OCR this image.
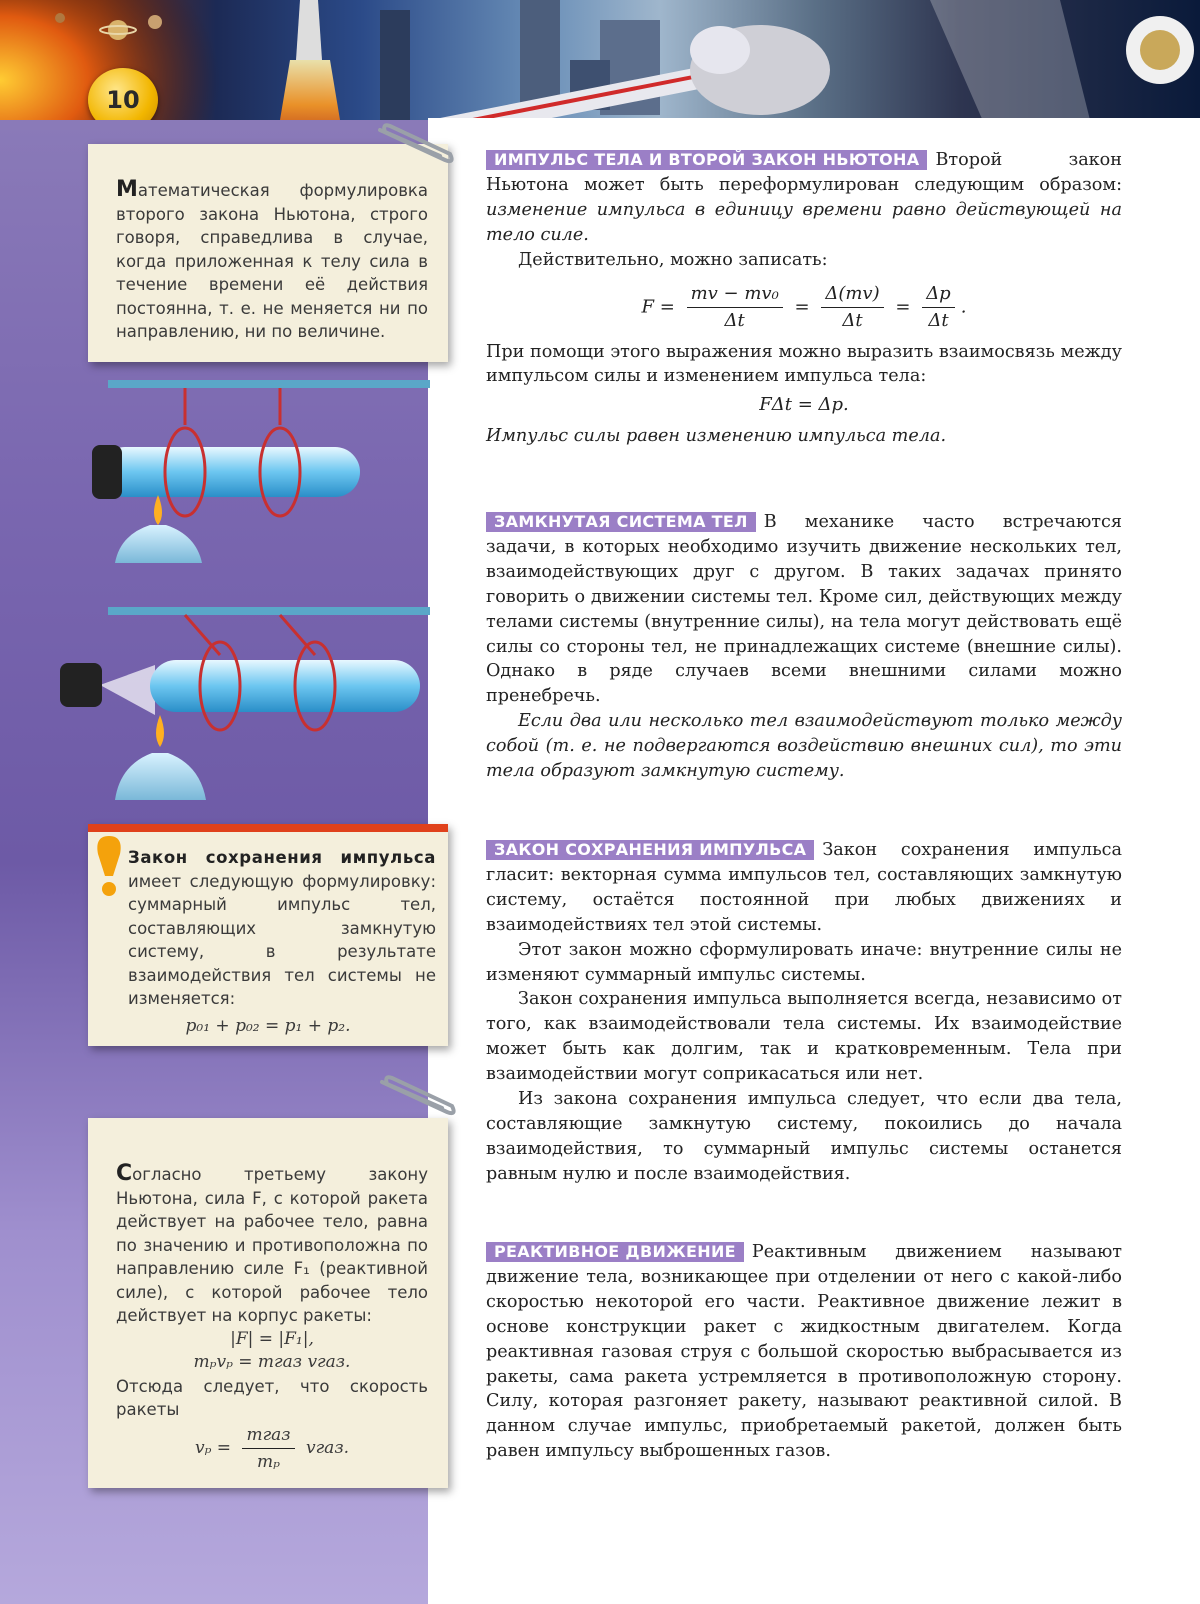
10

Математическая формулировка второго закона Ньютона, строго говоря, справедлива в случае, когда приложенная к телу сила в течение времени её действия постоянна, т. е. не меняется ни по направлению, ни по величине.

Закон сохранения импульса имеет следующую формулировку: суммарный импульс тел, составляющих замкнутую систему, в результате взаимодействия тел системы не изменяется:

p₀₁ + p₀₂ = p₁ + p₂.

Согласно третьему закону Ньютона, сила F, с которой ракета действует на рабочее тело, равна по значению и противоположна по направлению силе F₁ (реактивной силе), с которой рабочее тело действует на корпус ракеты:

|F| = |F₁|,

mₚvₚ = mгаз vгаз.

Отсюда следует, что скорость ракеты

$v_p = \frac{\text{mгаз}}{\text{mₚ}}$ vгаз.

ИМПУЛЬС ТЕЛА И ВТОРОЙ ЗАКОН НЬЮТОНА Второй закон Ньютона может быть переформулирован следующим образом: изменение импульса в единицу времени равно действующей на тело силе.

Действительно, можно записать:

$F = \frac{\text{mv − mv₀}}{\Delta t} = \frac{\Delta(mv)}{\Delta t} = \frac{\Delta p}{\Delta t}$ .

При помощи этого выражения можно выразить взаимосвязь между импульсом силы и изменением импульса тела:

FΔt = Δp.

Импульс силы равен изменению импульса тела.

ЗАМКНУТАЯ СИСТЕМА ТЕЛ В механике часто встречаются задачи, в которых необходимо изучить движение нескольких тел, взаимодействующих друг с другом. В таких задачах принято говорить о движении системы тел. Кроме сил, действующих между телами системы (внутренние силы), на тела могут действовать ещё силы со стороны тел, не принадлежащих системе (внешние силы). Однако в ряде случаев всеми внешними силами можно пренебречь.

Если два или несколько тел взаимодействуют только между собой (т. е. не подвергаются воздействию внешних сил), то эти тела образуют замкнутую систему.

ЗАКОН СОХРАНЕНИЯ ИМПУЛЬСА Закон сохранения импульса гласит: векторная сумма импульсов тел, составляющих замкнутую систему, остаётся постоянной при любых движениях и взаимодействиях тел этой системы.

Этот закон можно сформулировать иначе: внутренние силы не изменяют суммарный импульс системы.

Закон сохранения импульса выполняется всегда, независимо от того, как взаимодействовали тела системы. Их взаимодействие может быть как долгим, так и кратковременным. Тела при взаимодействии могут соприкасаться или нет.

Из закона сохранения импульса следует, что если два тела, составляющие замкнутую систему, покоились до начала взаимодействия, то суммарный импульс системы останется равным нулю и после взаимодействия.

РЕАКТИВНОЕ ДВИЖЕНИЕ Реактивным движением называют движение тела, возникающее при отделении от него с какой-либо скоростью некоторой его части. Реактивное движение лежит в основе конструкции ракет с жидкостным двигателем. Когда реактивная газовая струя с большой скоростью выбрасывается из ракеты, сама ракета устремляется в противоположную сторону. Силу, которая разгоняет ракету, называют реактивной силой. В данном случае импульс, приобретаемый ракетой, должен быть равен импульсу выброшенных газов.
